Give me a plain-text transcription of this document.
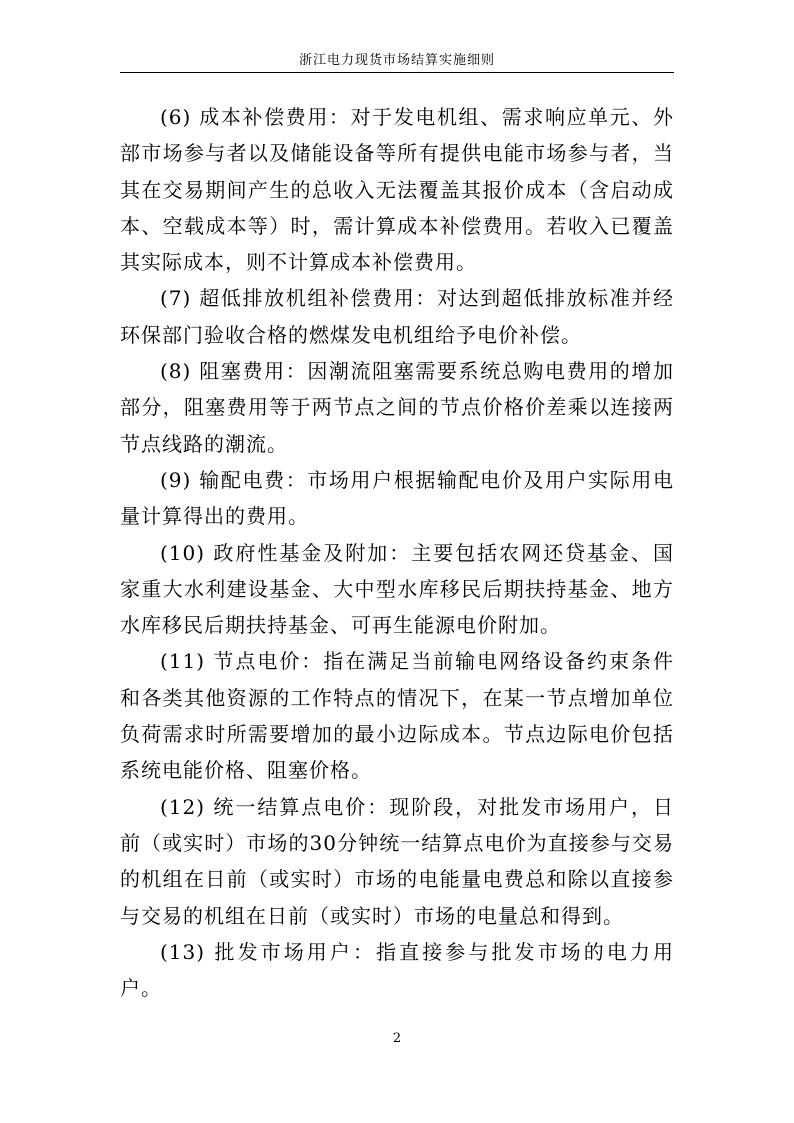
浙江电力现货市场结算实施细则

(6) 成本补偿费用：对于发电机组、需求响应单元、外部市场参与者以及储能设备等所有提供电能市场参与者，当其在交易期间产生的总收入无法覆盖其报价成本（含启动成本、空载成本等）时，需计算成本补偿费用。若收入已覆盖其实际成本，则不计算成本补偿费用。

(7) 超低排放机组补偿费用：对达到超低排放标准并经环保部门验收合格的燃煤发电机组给予电价补偿。

(8) 阻塞费用：因潮流阻塞需要系统总购电费用的增加部分，阻塞费用等于两节点之间的节点价格价差乘以连接两节点线路的潮流。

(9) 输配电费：市场用户根据输配电价及用户实际用电量计算得出的费用。

(10) 政府性基金及附加：主要包括农网还贷基金、国家重大水利建设基金、大中型水库移民后期扶持基金、地方水库移民后期扶持基金、可再生能源电价附加。

(11) 节点电价：指在满足当前输电网络设备约束条件和各类其他资源的工作特点的情况下，在某一节点增加单位负荷需求时所需要增加的最小边际成本。节点边际电价包括系统电能价格、阻塞价格。

(12) 统一结算点电价：现阶段，对批发市场用户，日前（或实时）市场的30分钟统一结算点电价为直接参与交易的机组在日前（或实时）市场的电能量电费总和除以直接参与交易的机组在日前（或实时）市场的电量总和得到。

(13) 批发市场用户：指直接参与批发市场的电力用户。

2
